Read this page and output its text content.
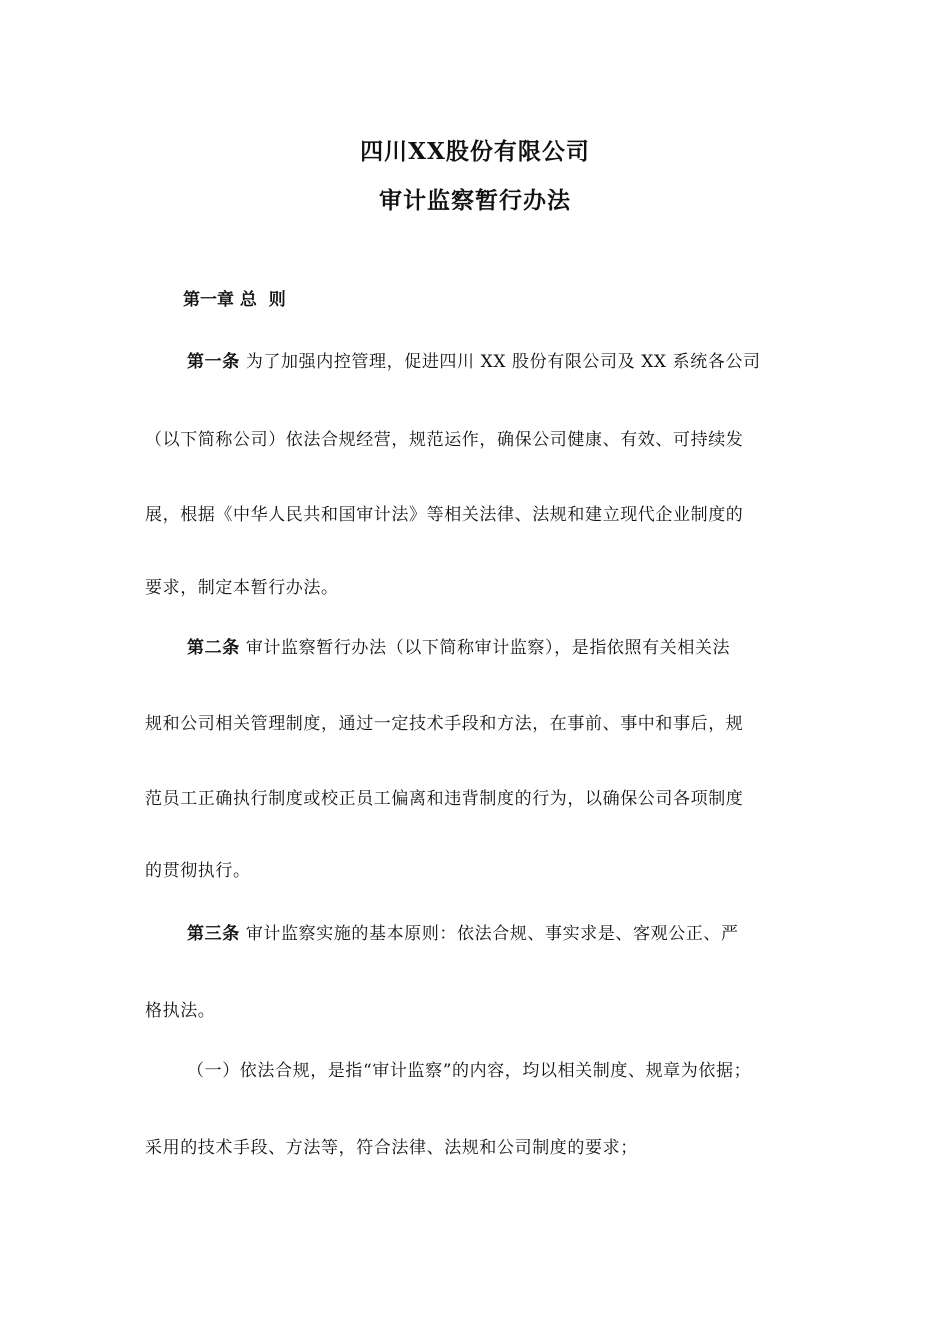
四川XX股份有限公司
审计监察暂行办法
第一章 总  则
第一条 为了加强内控管理，促进四川 XX 股份有限公司及 XX 系统各公司
（以下简称公司）依法合规经营，规范运作，确保公司健康、有效、可持续发
展，根据《中华人民共和国审计法》等相关法律、法规和建立现代企业制度的
要求，制定本暂行办法。
第二条 审计监察暂行办法（以下简称审计监察），是指依照有关相关法
规和公司相关管理制度，通过一定技术手段和方法，在事前、事中和事后，规
范员工正确执行制度或校正员工偏离和违背制度的行为，以确保公司各项制度
的贯彻执行。
第三条 审计监察实施的基本原则：依法合规、事实求是、客观公正、严
格执法。
（一）依法合规，是指“审计监察”的内容，均以相关制度、规章为依据；
采用的技术手段、方法等，符合法律、法规和公司制度的要求；
